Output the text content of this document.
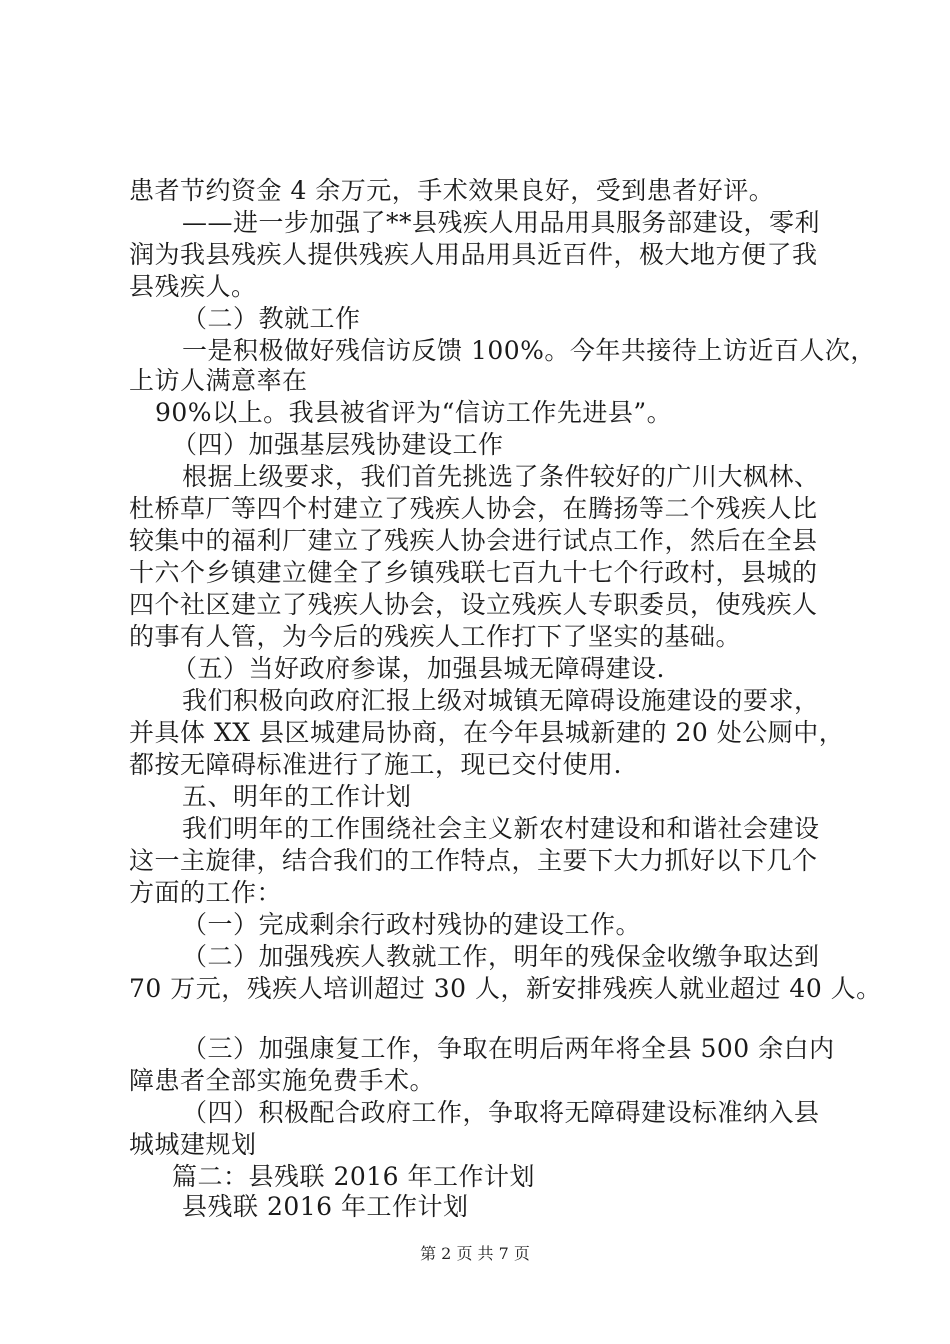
患者节约资金 4 余万元，手术效果良好，受到患者好评。
——进一步加强了**县残疾人用品用具服务部建设，零利
润为我县残疾人提供残疾人用品用具近百件，极大地方便了我
县残疾人。
（二）教就工作
一是积极做好残信访反馈 100%。今年共接待上访近百人次，
上访人满意率在
90%以上。我县被省评为“信访工作先进县”。
（四）加强基层残协建设工作
根据上级要求，我们首先挑选了条件较好的广川大枫林、
杜桥草厂等四个村建立了残疾人协会，在腾扬等二个残疾人比
较集中的福利厂建立了残疾人协会进行试点工作，然后在全县
十六个乡镇建立健全了乡镇残联七百九十七个行政村，县城的
四个社区建立了残疾人协会，设立残疾人专职委员，使残疾人
的事有人管，为今后的残疾人工作打下了坚实的基础。
（五）当好政府参谋，加强县城无障碍建设.
我们积极向政府汇报上级对城镇无障碍设施建设的要求，
并具体 XX 县区城建局协商，在今年县城新建的 20 处公厕中，
都按无障碍标准进行了施工，现已交付使用.
五、明年的工作计划
我们明年的工作围绕社会主义新农村建设和和谐社会建设
这一主旋律，结合我们的工作特点，主要下大力抓好以下几个
方面的工作：
（一）完成剩余行政村残协的建设工作。
（二）加强残疾人教就工作，明年的残保金收缴争取达到
70 万元，残疾人培训超过 30 人，新安排残疾人就业超过 40 人。
（三）加强康复工作，争取在明后两年将全县 500 余白内
障患者全部实施免费手术。
（四）积极配合政府工作，争取将无障碍建设标准纳入县
城城建规划
篇二：县残联 2016 年工作计划
县残联 2016 年工作计划
第 2 页 共 7 页
